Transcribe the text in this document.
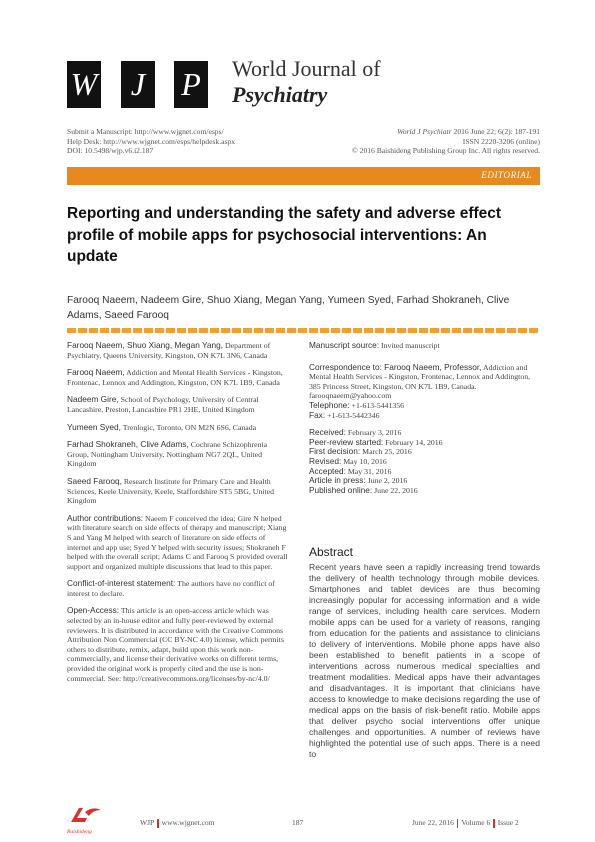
W	J	P	World Journal of
Psychiatry
Submit a Manuscript: http://www.wjgnet.com/esps/
Help Desk: http://www.wjgnet.com/esps/helpdesk.aspx
DOI: 10.5498/wjp.v6.i2.187
World J Psychiatr 2016 June 22; 6(2): 187-191
ISSN 2220-3206 (online)
© 2016 Baishideng Publishing Group Inc. All rights reserved.
EDITORIAL
Reporting and understanding the safety and adverse effect profile of mobile apps for psychosocial interventions: An update
Farooq Naeem, Nadeem Gire, Shuo Xiang, Megan Yang, Yumeen Syed, Farhad Shokraneh, Clive Adams, Saeed Farooq
Farooq Naeem, Shuo Xiang, Megan Yang, Department of Psychiatry, Queens University, Kingston, ON K7L 3N6, Canada
Farooq Naeem, Addiction and Mental Health Services - Kingston, Frontenac, Lennox and Addington, Kingston, ON K7L 1B9, Canada
Nadeem Gire, School of Psychology, University of Central Lancashire, Preston, Lancashire PR1 2HE, United Kingdom
Yumeen Syed, Trenlogic, Toronto, ON M2N 6S6, Canada
Farhad Shokraneh, Clive Adams, Cochrane Schizophrenia Group, Nottingham University, Nottingham NG7 2QL, United Kingdom
Saeed Farooq, Research Institute for Primary Care and Health Sciences, Keele University, Keele, Staffordshire ST5 5BG, United Kingdom
Author contributions: Naeem F conceived the idea; Gire N helped with literature search on side effects of therapy and manuscript; Xiang S and Yang M helped with search of literature on side effects of internet and app use; Syed Y helped with security issues; Shokraneh F helped with the overall script; Adams C and Farooq S provided overall support and organized multiple discussions that lead to this paper.
Conflict-of-interest statement: The authors have no conflict of interest to declare.
Open-Access: This article is an open-access article which was selected by an in-house editor and fully peer-reviewed by external reviewers. It is distributed in accordance with the Creative Commons Attribution Non Commercial (CC BY-NC 4.0) license, which permits others to distribute, remix, adapt, build upon this work non-commercially, and license their derivative works on different terms, provided the original work is properly cited and the use is non-commercial. See: http://creativecommons.org/licenses/by-nc/4.0/
Manuscript source: Invited manuscript
Correspondence to: Farooq Naeem, Professor, Addiction and Mental Health Services - Kingston, Frontenac, Lennox and Addington, 385 Princess Street, Kingston, ON K7L 1B9, Canada. farooqnaeem@yahoo.com
Telephone: +1-613-5441356
Fax: +1-613-5442346
Received: February 3, 2016
Peer-review started: February 14, 2016
First decision: March 25, 2016
Revised: May 10, 2016
Accepted: May 31, 2016
Article in press: June 2, 2016
Published online: June 22, 2016
Abstract
Recent years have seen a rapidly increasing trend towards the delivery of health technology through mobile devices. Smartphones and tablet devices are thus becoming increasingly popular for accessing information and a wide range of services, including health care services. Modern mobile apps can be used for a variety of reasons, ranging from education for the patients and assistance to clinicians to delivery of interventions. Mobile phone apps have also been established to benefit patients in a scope of interventions across numerous medical specialties and treatment modalities. Medical apps have their advantages and disadvantages. It is important that clinicians have access to knowledge to make decisions regarding the use of medical apps on the basis of risk-benefit ratio. Mobile apps that deliver psycho social interventions offer unique challenges and opportunities. A number of reviews have highlighted the potential use of such apps. There is a need to
Baishideng
WJP www.wjgnet.com	187	June 22, 2016 Volume 6 Issue 2
